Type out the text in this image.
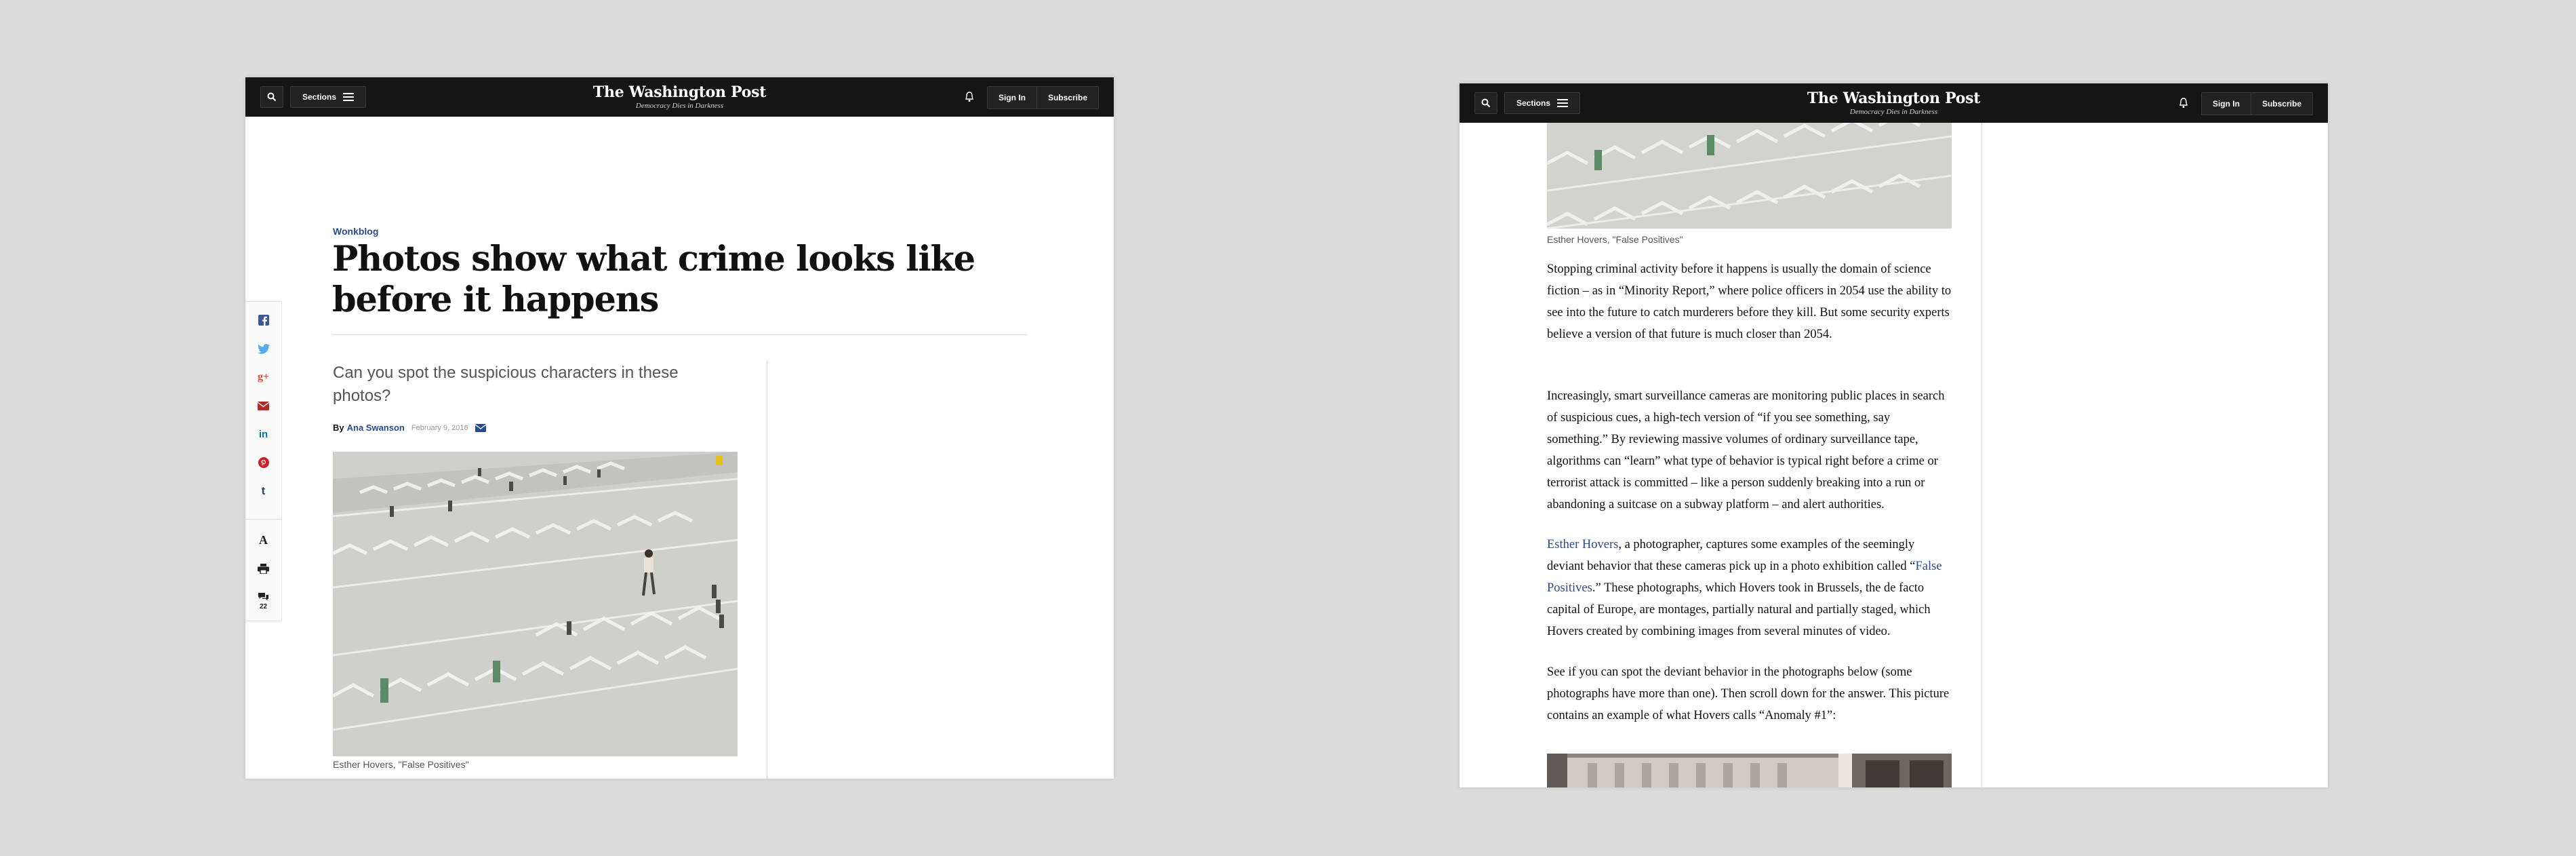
Sections	The Washington Post
Democracy Dies in Darkness
Sign In	Subscribe
Wonkblog
Photos show what crime looks like before it happens
Can you spot the suspicious characters in these photos?
By Ana Swanson February 9, 2016
Esther Hovers, "False Positives"
g+
in
t
A
22
Sections	The Washington Post
Democracy Dies in Darkness
Sign In	Subscribe
Esther Hovers, "False Positives"

Stopping criminal activity before it happens is usually the domain of science fiction – as in “Minority Report,” where police officers in 2054 use the ability to see into the future to catch murderers before they kill. But some security experts believe a version of that future is much closer than 2054.

Increasingly, smart surveillance cameras are monitoring public places in search of suspicious cues, a high-tech version of “if you see something, say something.” By reviewing massive volumes of ordinary surveillance tape, algorithms can “learn” what type of behavior is typical right before a crime or terrorist attack is committed – like a person suddenly breaking into a run or abandoning a suitcase on a subway platform – and alert authorities.

Esther Hovers, a photographer, captures some examples of the seemingly deviant behavior that these cameras pick up in a photo exhibition called “False Positives.” These photographs, which Hovers took in Brussels, the de facto capital of Europe, are montages, partially natural and partially staged, which Hovers created by combining images from several minutes of video.

See if you can spot the deviant behavior in the photographs below (some photographs have more than one). Then scroll down for the answer. This picture contains an example of what Hovers calls “Anomaly #1”:
